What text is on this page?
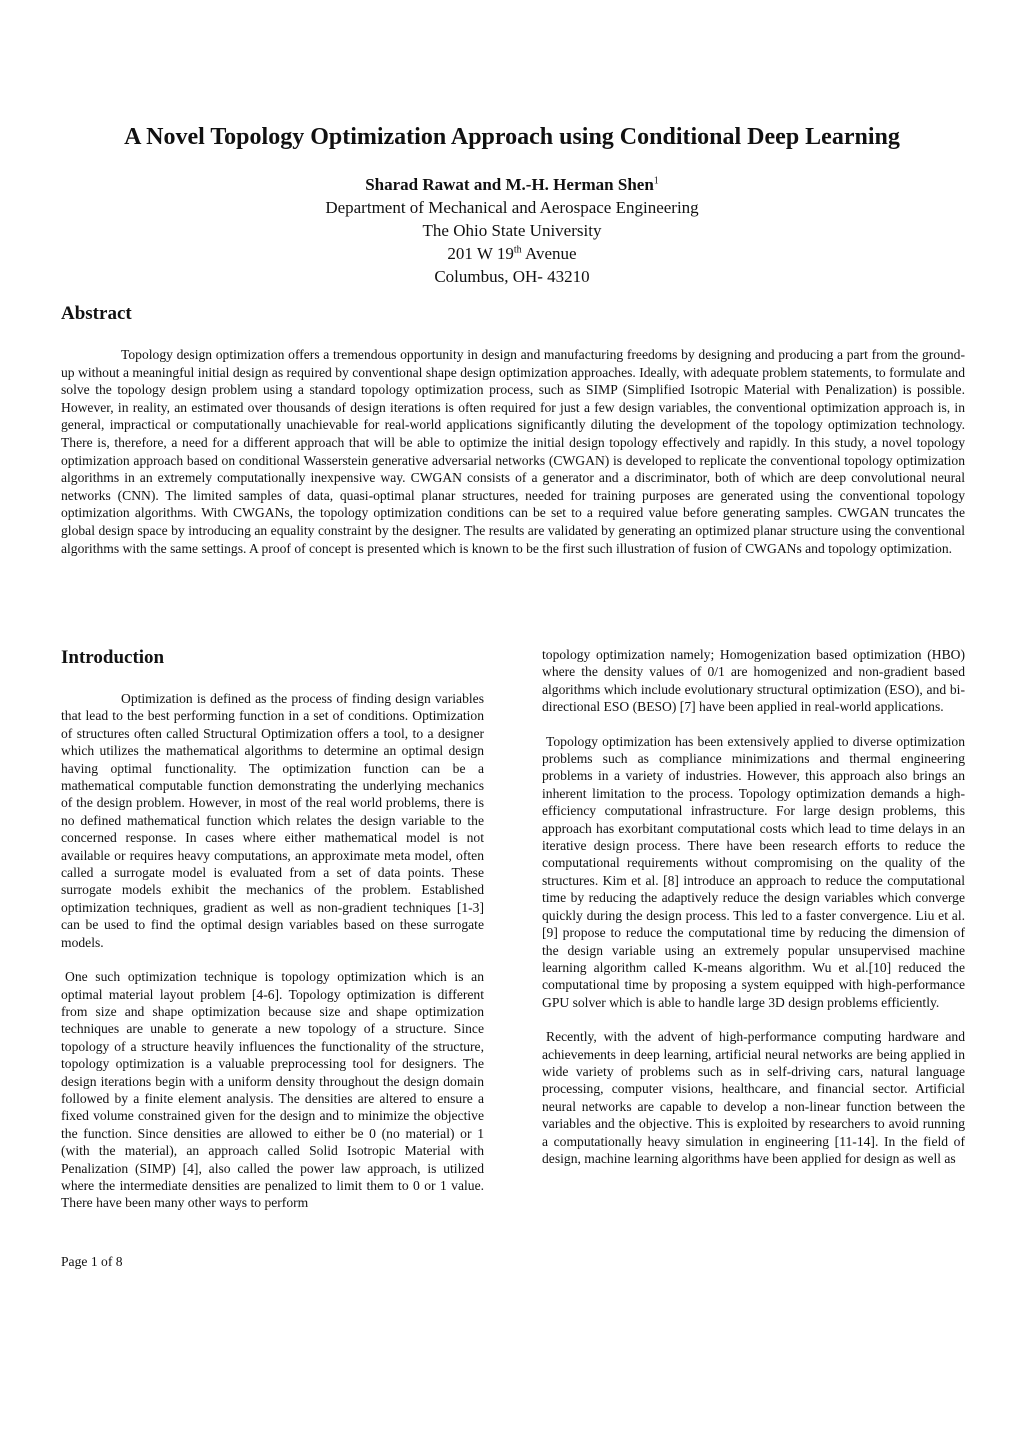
A Novel Topology Optimization Approach using Conditional Deep Learning
Sharad Rawat and M.-H. Herman Shen$^1$
Department of Mechanical and Aerospace Engineering
The Ohio State University
201 W 19th Avenue
Columbus, OH- 43210
Abstract

Topology design optimization offers a tremendous opportunity in design and manufacturing freedoms by designing and producing a part from the ground-up without a meaningful initial design as required by conventional shape design optimization approaches. Ideally, with adequate problem statements, to formulate and solve the topology design problem using a standard topology optimization process, such as SIMP (Simplified Isotropic Material with Penalization) is possible. However, in reality, an estimated over thousands of design iterations is often required for just a few design variables, the conventional optimization approach is, in general, impractical or computationally unachievable for real-world applications significantly diluting the development of the topology optimization technology. There is, therefore, a need for a different approach that will be able to optimize the initial design topology effectively and rapidly. In this study, a novel topology optimization approach based on conditional Wasserstein generative adversarial networks (CWGAN) is developed to replicate the conventional topology optimization algorithms in an extremely computationally inexpensive way. CWGAN consists of a generator and a discriminator, both of which are deep convolutional neural networks (CNN). The limited samples of data, quasi-optimal planar structures, needed for training purposes are generated using the conventional topology optimization algorithms. With CWGANs, the topology optimization conditions can be set to a required value before generating samples. CWGAN truncates the global design space by introducing an equality constraint by the designer. The results are validated by generating an optimized planar structure using the conventional algorithms with the same settings. A proof of concept is presented which is known to be the first such illustration of fusion of CWGANs and topology optimization.

Introduction

Optimization is defined as the process of finding design variables that lead to the best performing function in a set of conditions. Optimization of structures often called Structural Optimization offers a tool, to a designer which utilizes the mathematical algorithms to determine an optimal design having optimal functionality. The optimization function can be a mathematical computable function demonstrating the underlying mechanics of the design problem. However, in most of the real world problems, there is no defined mathematical function which relates the design variable to the concerned response. In cases where either mathematical model is not available or requires heavy computations, an approximate meta model, often called a surrogate model is evaluated from a set of data points. These surrogate models exhibit the mechanics of the problem. Established optimization techniques, gradient as well as non-gradient techniques [1-3] can be used to find the optimal design variables based on these surrogate models.

One such optimization technique is topology optimization which is an optimal material layout problem [4-6]. Topology optimization is different from size and shape optimization because size and shape optimization techniques are unable to generate a new topology of a structure. Since topology of a structure heavily influences the functionality of the structure, topology optimization is a valuable preprocessing tool for designers. The design iterations begin with a uniform density throughout the design domain followed by a finite element analysis. The densities are altered to ensure a fixed volume constrained given for the design and to minimize the objective the function. Since densities are allowed to either be 0 (no material) or 1 (with the material), an approach called Solid Isotropic Material with Penalization (SIMP) [4], also called the power law approach, is utilized where the intermediate densities are penalized to limit them to 0 or 1 value. There have been many other ways to perform

topology optimization namely; Homogenization based optimization (HBO) where the density values of 0/1 are homogenized and non-gradient based algorithms which include evolutionary structural optimization (ESO), and bi-directional ESO (BESO) [7] have been applied in real-world applications.

Topology optimization has been extensively applied to diverse optimization problems such as compliance minimizations and thermal engineering problems in a variety of industries. However, this approach also brings an inherent limitation to the process. Topology optimization demands a high-efficiency computational infrastructure. For large design problems, this approach has exorbitant computational costs which lead to time delays in an iterative design process. There have been research efforts to reduce the computational requirements without compromising on the quality of the structures. Kim et al. [8] introduce an approach to reduce the computational time by reducing the adaptively reduce the design variables which converge quickly during the design process. This led to a faster convergence. Liu et al. [9] propose to reduce the computational time by reducing the dimension of the design variable using an extremely popular unsupervised machine learning algorithm called K-means algorithm. Wu et al.[10] reduced the computational time by proposing a system equipped with high-performance GPU solver which is able to handle large 3D design problems efficiently.

Recently, with the advent of high-performance computing hardware and achievements in deep learning, artificial neural networks are being applied in wide variety of problems such as in self-driving cars, natural language processing, computer visions, healthcare, and financial sector. Artificial neural networks are capable to develop a non-linear function between the variables and the objective. This is exploited by researchers to avoid running a computationally heavy simulation in engineering [11-14]. In the field of design, machine learning algorithms have been applied for design as well as

Page 1 of 8
